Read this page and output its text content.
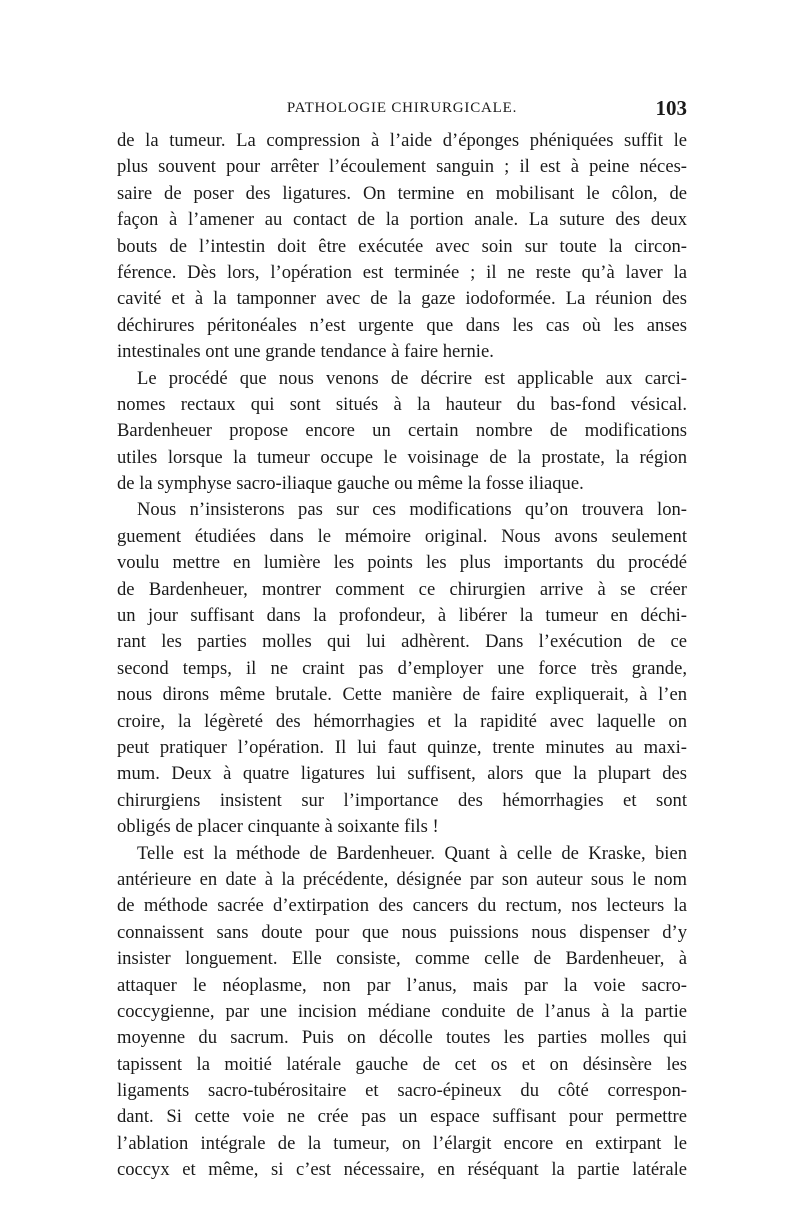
PATHOLOGIE CHIRURGICALE.	103
de la tumeur. La compression à l’aide d’éponges phéniquées suffit le
plus souvent pour arrêter l’écoulement sanguin ; il est à peine néces-
saire de poser des ligatures. On termine en mobilisant le côlon, de
façon à l’amener au contact de la portion anale. La suture des deux
bouts de l’intestin doit être exécutée avec soin sur toute la circon-
férence. Dès lors, l’opération est terminée ; il ne reste qu’à laver la
cavité et à la tamponner avec de la gaze iodoformée. La réunion des
déchirures péritonéales n’est urgente que dans les cas où les anses
intestinales ont une grande tendance à faire hernie.
Le procédé que nous venons de décrire est applicable aux carci-
nomes rectaux qui sont situés à la hauteur du bas-fond vésical.
Bardenheuer propose encore un certain nombre de modifications
utiles lorsque la tumeur occupe le voisinage de la prostate, la région
de la symphyse sacro-iliaque gauche ou même la fosse iliaque.
Nous n’insisterons pas sur ces modifications qu’on trouvera lon-
guement étudiées dans le mémoire original. Nous avons seulement
voulu mettre en lumière les points les plus importants du procédé
de Bardenheuer, montrer comment ce chirurgien arrive à se créer
un jour suffisant dans la profondeur, à libérer la tumeur en déchi-
rant les parties molles qui lui adhèrent. Dans l’exécution de ce
second temps, il ne craint pas d’employer une force très grande,
nous dirons même brutale. Cette manière de faire expliquerait, à l’en
croire, la légèreté des hémorrhagies et la rapidité avec laquelle on
peut pratiquer l’opération. Il lui faut quinze, trente minutes au maxi-
mum. Deux à quatre ligatures lui suffisent, alors que la plupart des
chirurgiens insistent sur l’importance des hémorrhagies et sont
obligés de placer cinquante à soixante fils !
Telle est la méthode de Bardenheuer. Quant à celle de Kraske, bien
antérieure en date à la précédente, désignée par son auteur sous le nom
de méthode sacrée d’extirpation des cancers du rectum, nos lecteurs la
connaissent sans doute pour que nous puissions nous dispenser d’y
insister longuement. Elle consiste, comme celle de Bardenheuer, à
attaquer le néoplasme, non par l’anus, mais par la voie sacro-
coccygienne, par une incision médiane conduite de l’anus à la partie
moyenne du sacrum. Puis on décolle toutes les parties molles qui
tapissent la moitié latérale gauche de cet os et on désinsère les
ligaments sacro-tubérositaire et sacro-épineux du côté correspon-
dant. Si cette voie ne crée pas un espace suffisant pour permettre
l’ablation intégrale de la tumeur, on l’élargit encore en extirpant le
coccyx et même, si c’est nécessaire, en réséquant la partie latérale
